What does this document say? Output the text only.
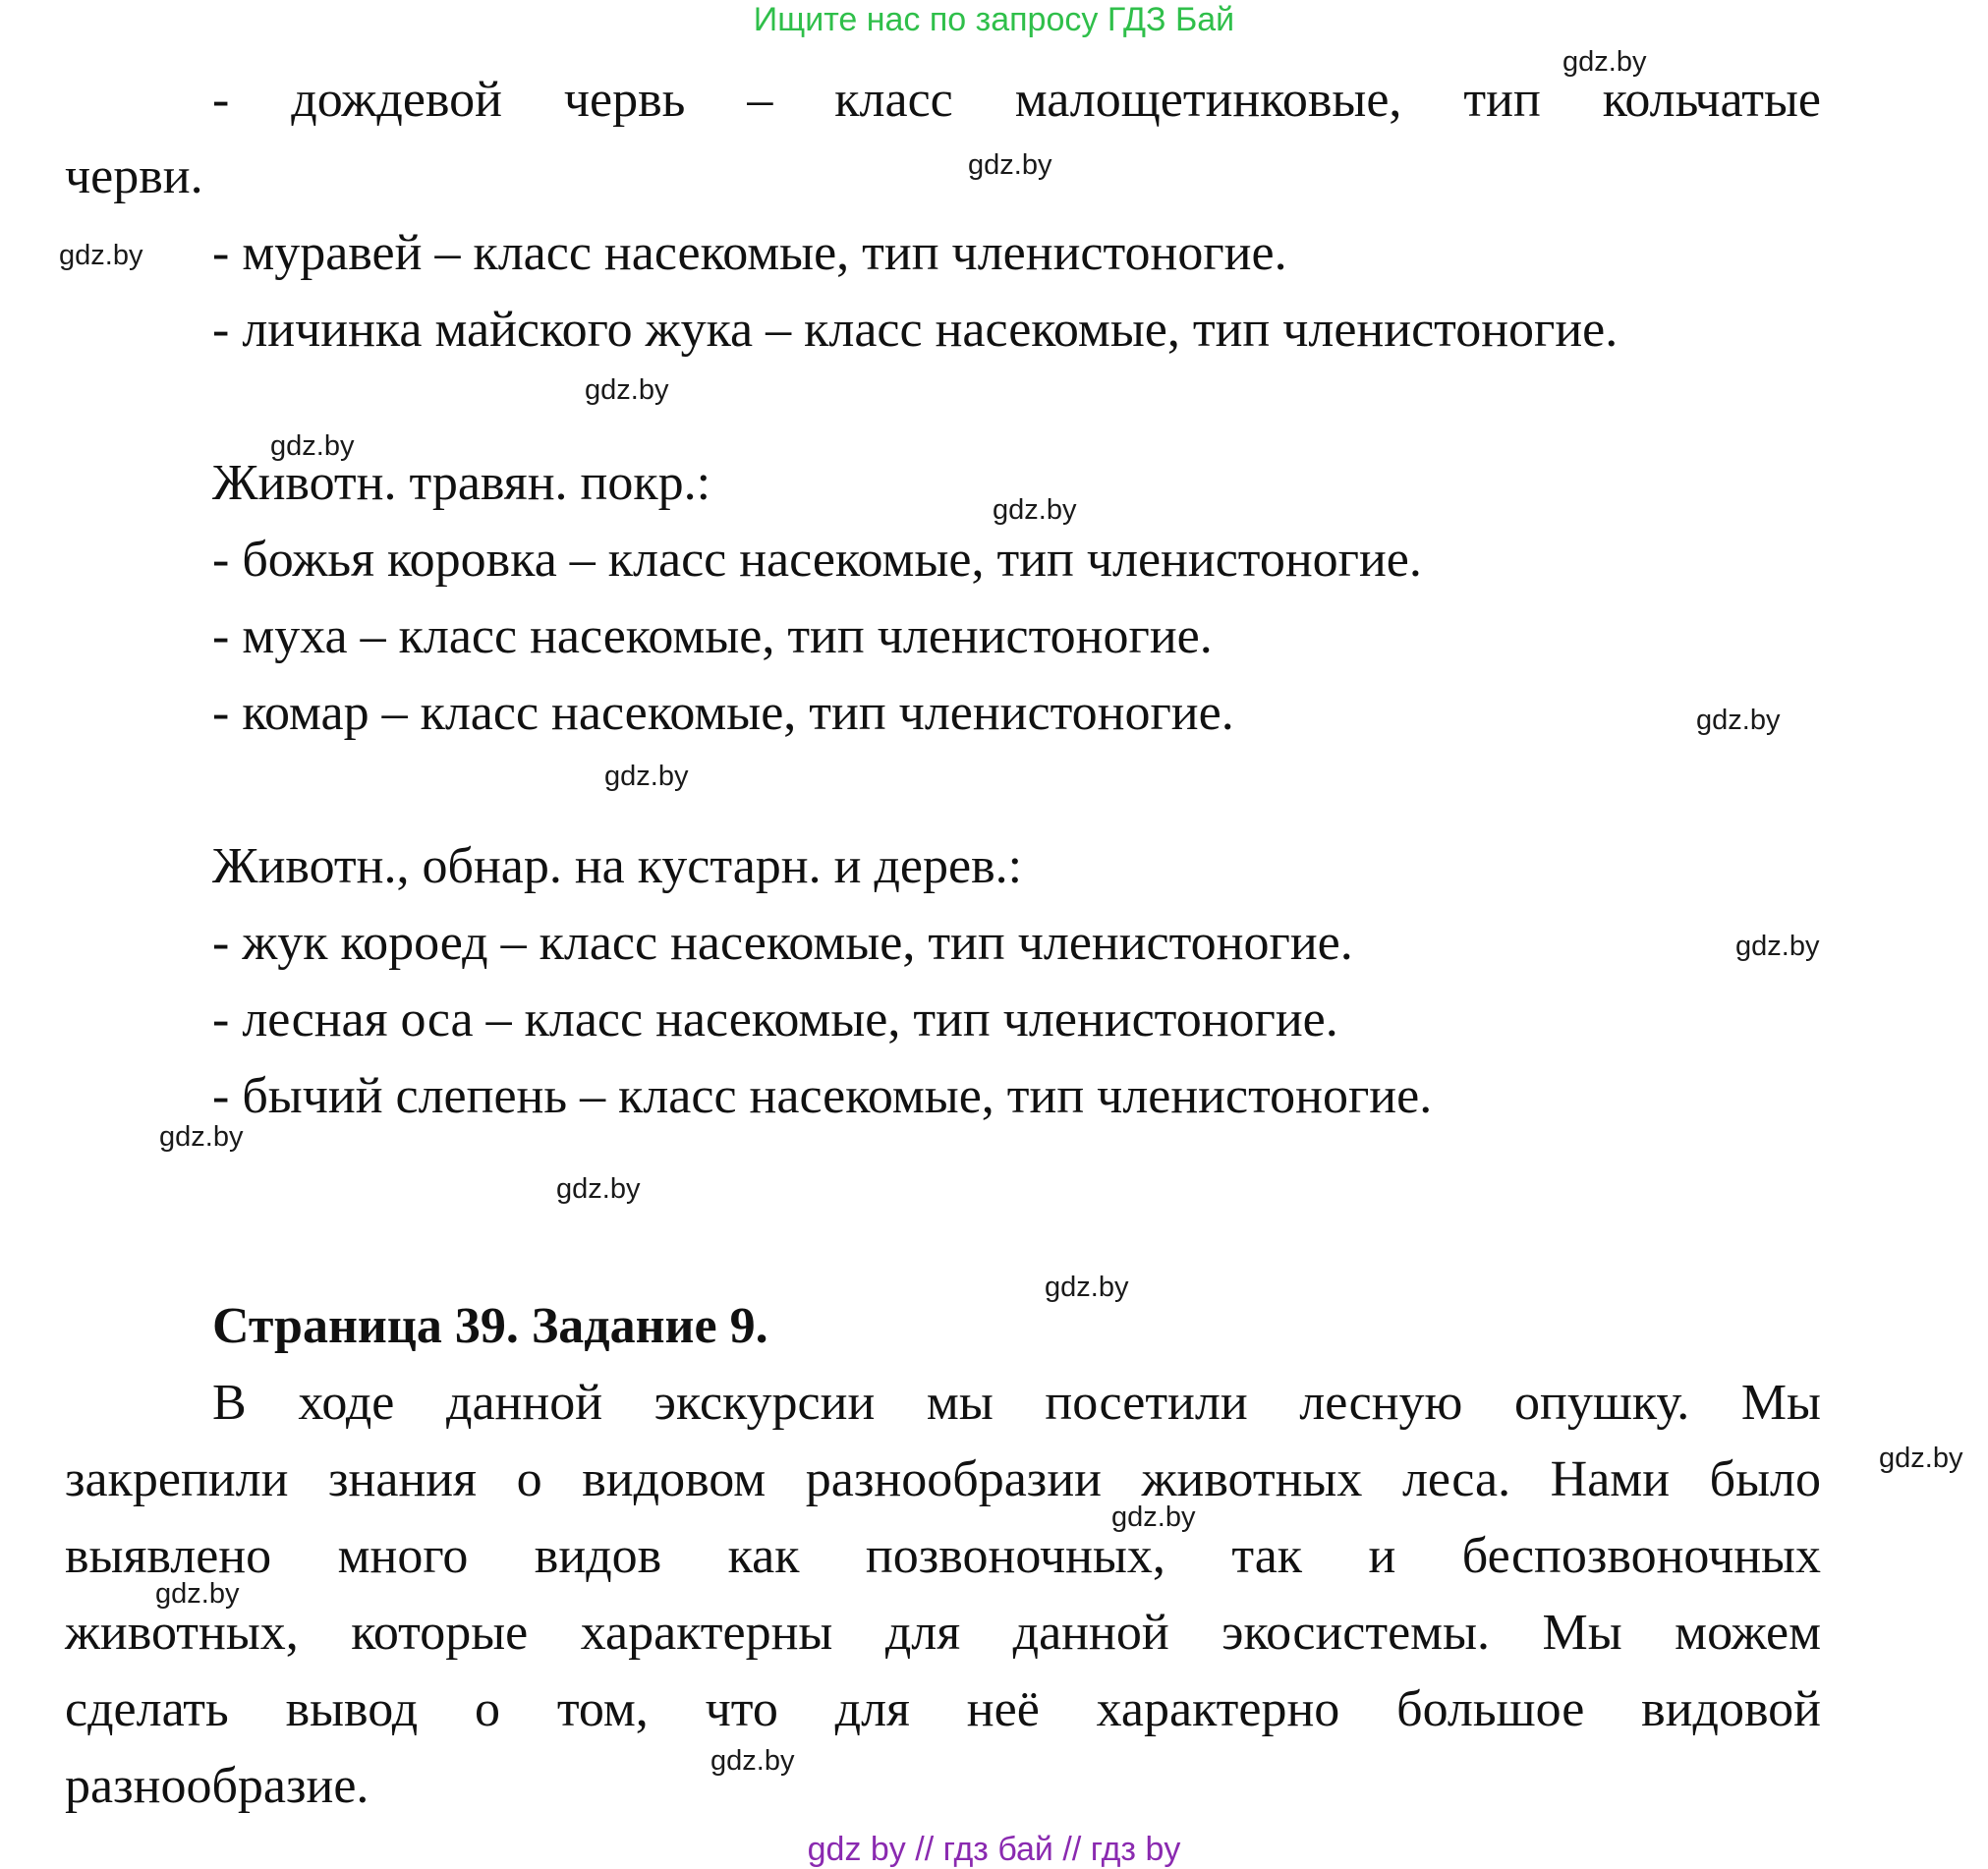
Ищите нас по запросу ГДЗ Бай
- дождевой червь – класс малощетинковые, тип кольчатые
черви.
- муравей – класс насекомые, тип членистоногие.
- личинка майского жука – класс насекомые, тип членистоногие.
Животн. травян. покр.:
- божья коровка – класс насекомые, тип членистоногие.
- муха – класс насекомые, тип членистоногие.
- комар – класс насекомые, тип членистоногие.
Животн., обнар. на кустарн. и дерев.:
- жук короед – класс насекомые, тип членистоногие.
- лесная оса – класс насекомые, тип членистоногие.
- бычий слепень – класс насекомые, тип членистоногие.
Страница 39. Задание 9.
В ходе данной экскурсии мы посетили лесную опушку. Мы
закрепили знания о видовом разнообразии животных леса. Нами было
выявлено много видов как позвоночных, так и беспозвоночных
животных, которые характерны для данной экосистемы. Мы можем
сделать вывод о том, что для неё характерно большое видовой
разнообразие.
gdz.by
gdz.by
gdz.by
gdz.by
gdz.by
gdz.by
gdz.by
gdz.by
gdz.by
gdz.by
gdz.by
gdz.by
gdz.by
gdz.by
gdz.by
gdz.by
gdz by // гдз бай // гдз by
